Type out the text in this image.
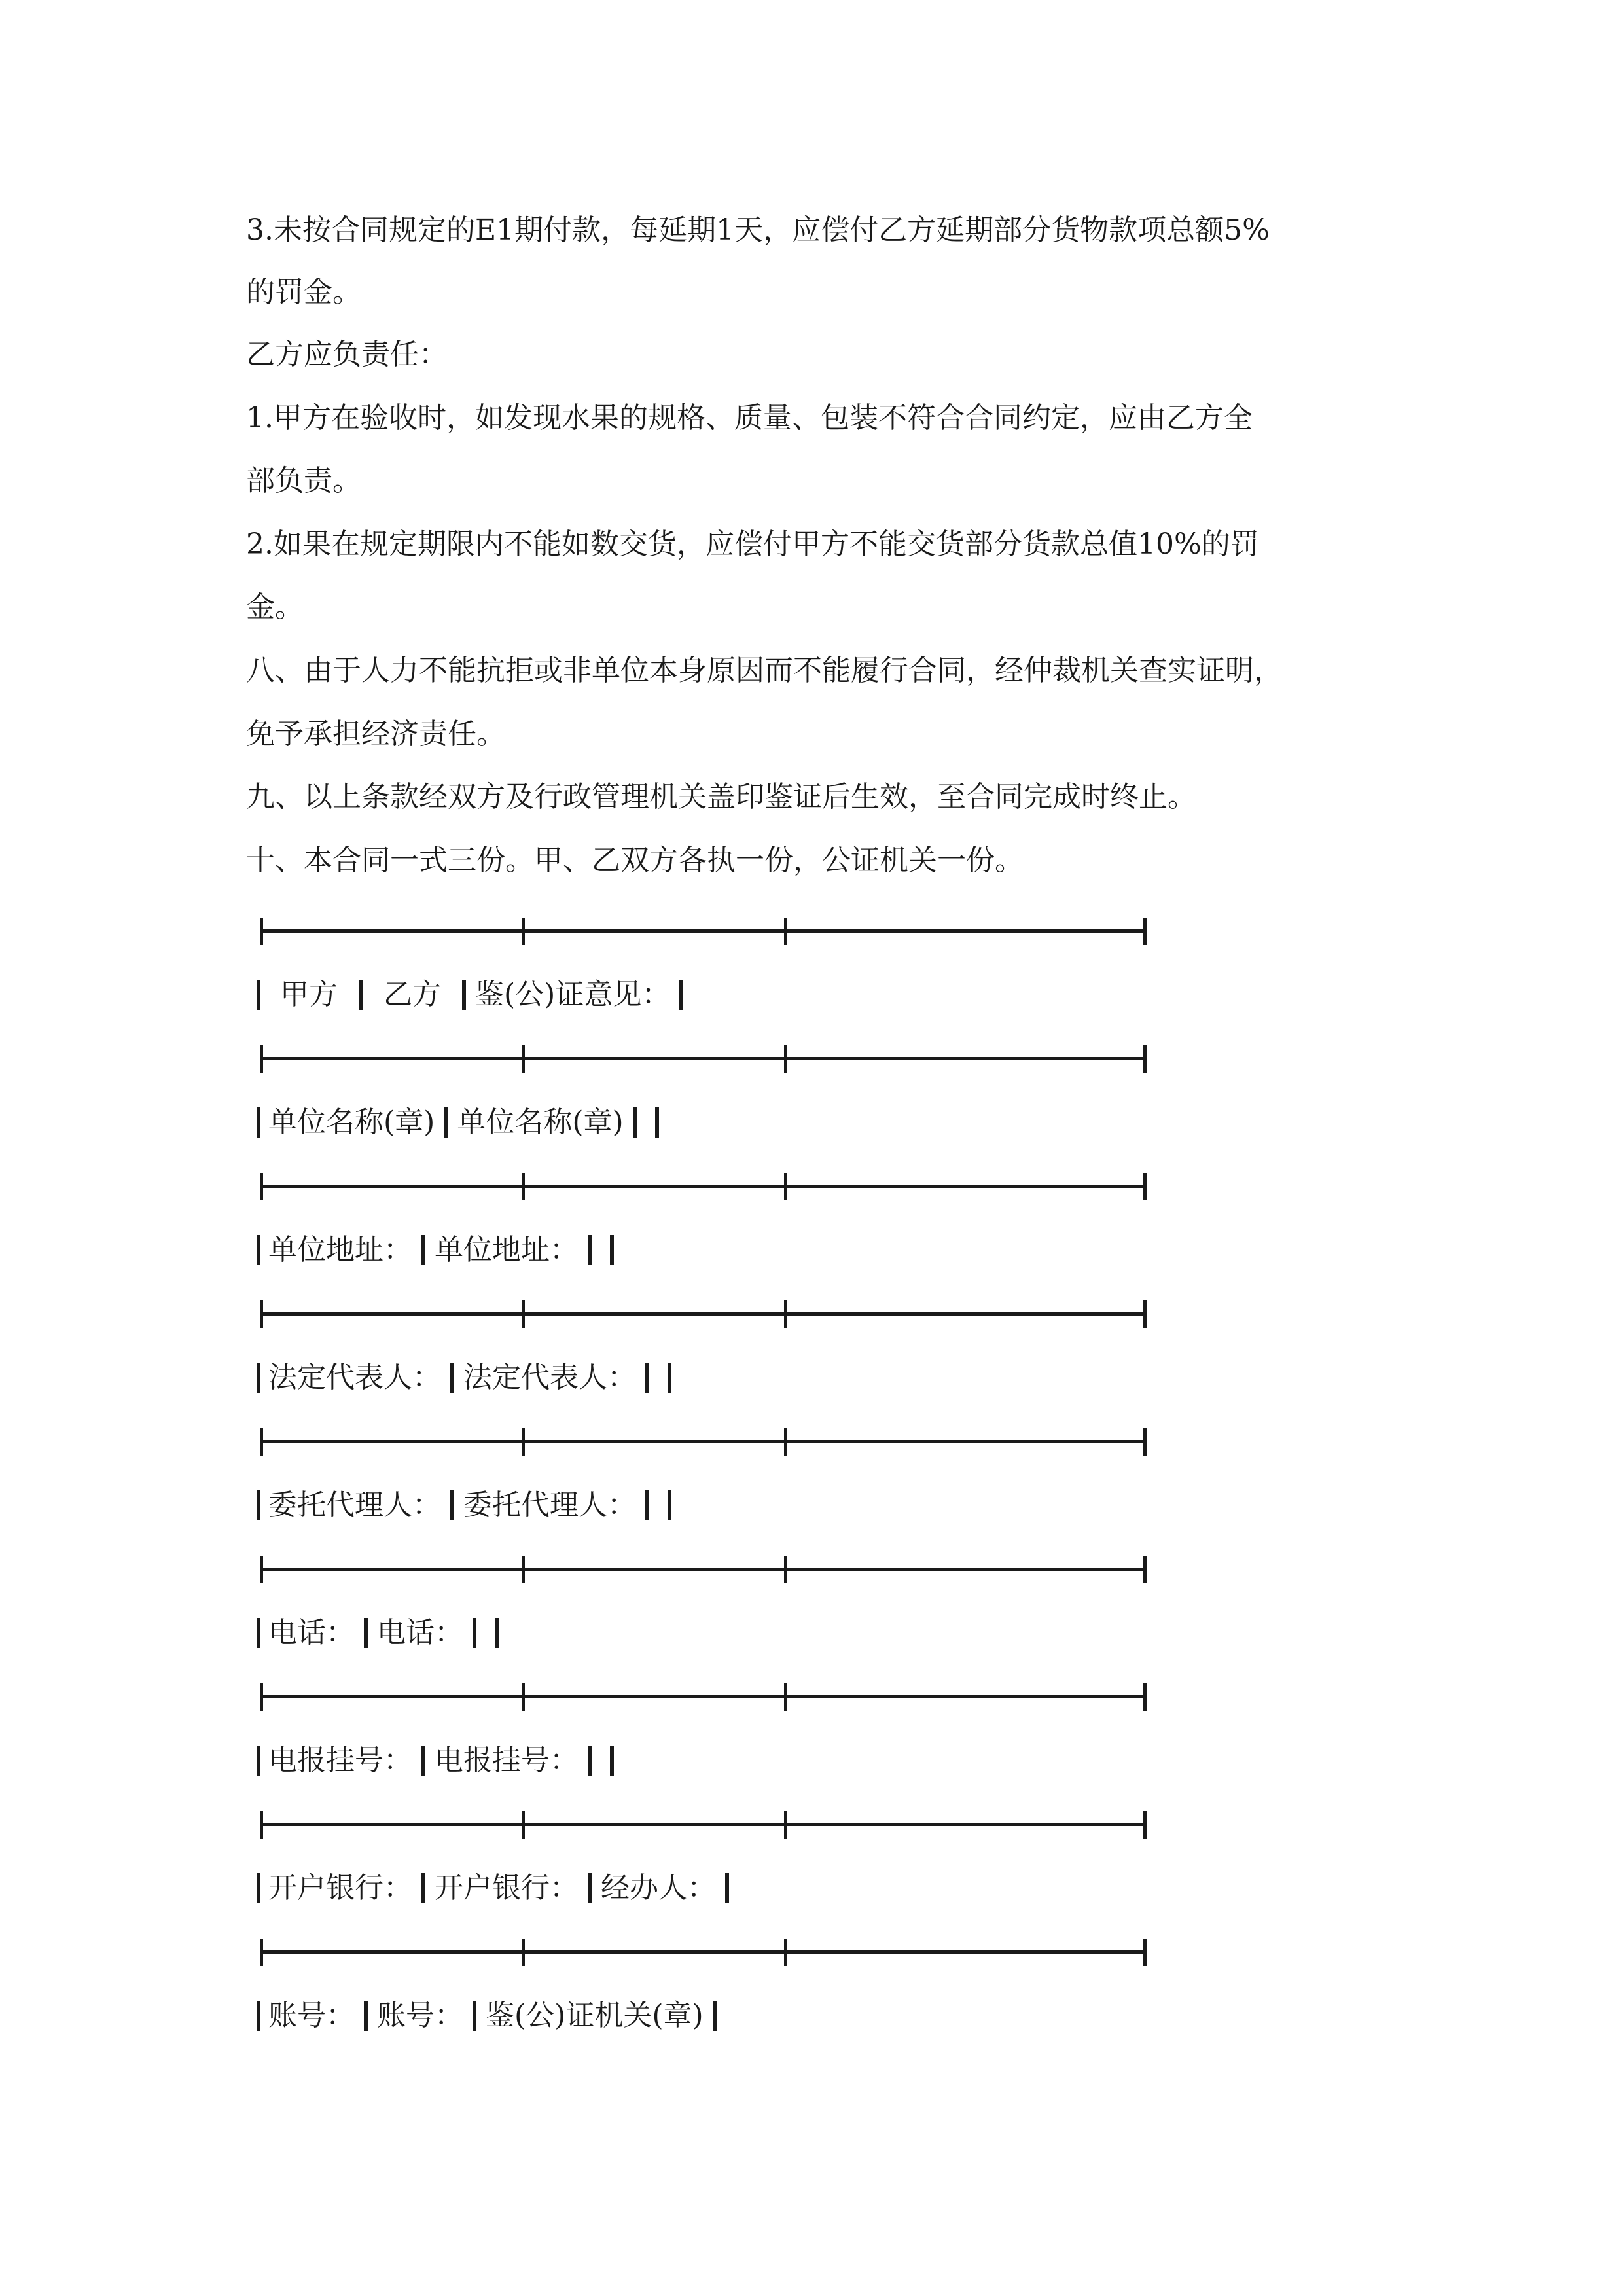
3.未按合同规定的E1期付款，每延期1天，应偿付乙方延期部分货物款项总额5%
的罚金。
乙方应负责任：
1.甲方在验收时，如发现水果的规格、质量、包装不符合合同约定，应由乙方全
部负责。
2.如果在规定期限内不能如数交货，应偿付甲方不能交货部分货款总值10%的罚
金。
八、由于人力不能抗拒或非单位本身原因而不能履行合同，经仲裁机关查实证明，
免予承担经济责任。
九、以上条款经双方及行政管理机关盖印鉴证后生效，至合同完成时终止。
十、本合同一式三份。甲、乙双方各执一份，公证机关一份。
甲方	乙方	鉴(公)证意见：
单位名称(章) 单位名称(章)
单位地址： 单位地址：
法定代表人： 法定代表人：
委托代理人： 委托代理人：
电话： 电话：
电报挂号： 电报挂号：
开户银行： 开户银行： 经办人：
账号： 账号： 鉴(公)证机关(章)
